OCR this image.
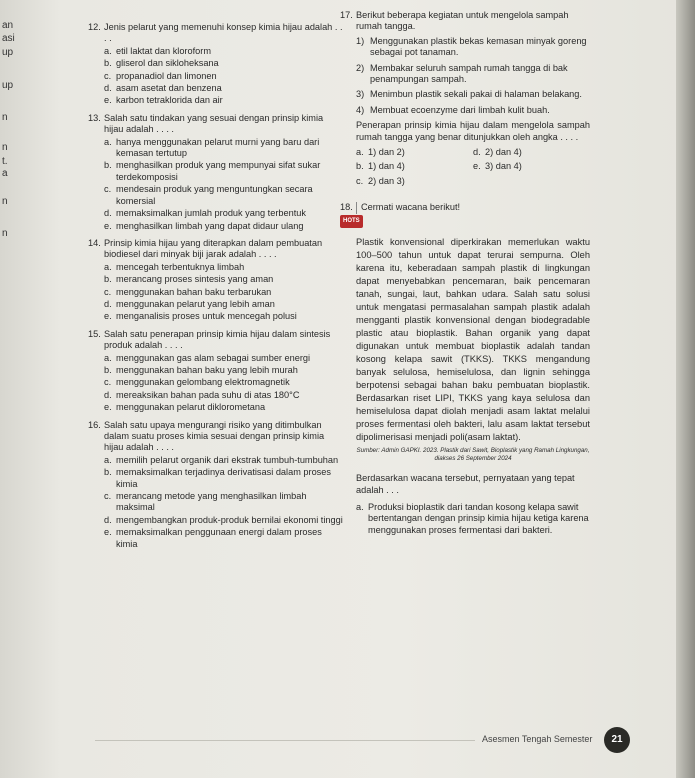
an
asi
up
up
n
n
t.
a
n
n
12. Jenis pelarut yang memenuhi konsep kimia hijau adalah . . . .
a. etil laktat dan kloroform
b. gliserol dan sikloheksana
c. propanadiol dan limonen
d. asam asetat dan benzena
e. karbon tetraklorida dan air
13. Salah satu tindakan yang sesuai dengan prinsip kimia hijau adalah . . . .
a. hanya menggunakan pelarut murni yang baru dari kemasan tertutup
b. menghasilkan produk yang mempunyai sifat sukar terdekomposisi
c. mendesain produk yang menguntungkan secara komersial
d. memaksimalkan jumlah produk yang terbentuk
e. menghasilkan limbah yang dapat didaur ulang
14. Prinsip kimia hijau yang diterapkan dalam pembuatan biodiesel dari minyak biji jarak adalah . . . .
a. mencegah terbentuknya limbah
b. merancang proses sintesis yang aman
c. menggunakan bahan baku terbarukan
d. menggunakan pelarut yang lebih aman
e. menganalisis proses untuk mencegah polusi
15. Salah satu penerapan prinsip kimia hijau dalam sintesis produk adalah . . . .
a. menggunakan gas alam sebagai sumber energi
b. menggunakan bahan baku yang lebih murah
c. menggunakan gelombang elektromagnetik
d. mereaksikan bahan pada suhu di atas 180°C
e. menggunakan pelarut diklorometana
16. Salah satu upaya mengurangi risiko yang ditimbulkan dalam suatu proses kimia sesuai dengan prinsip kimia hijau adalah . . . .
a. memilih pelarut organik dari ekstrak tumbuh-tumbuhan
b. memaksimalkan terjadinya derivatisasi dalam proses kimia
c. merancang metode yang menghasilkan limbah maksimal
d. mengembangkan produk-produk bernilai ekonomi tinggi
e. memaksimalkan penggunaan energi dalam proses kimia
17. Berikut beberapa kegiatan untuk mengelola sampah rumah tangga.
1) Menggunakan plastik bekas kemasan minyak goreng sebagai pot tanaman.
2) Membakar seluruh sampah rumah tangga di bak penampungan sampah.
3) Menimbun plastik sekali pakai di halaman belakang.
4) Membuat ecoenzyme dari limbah kulit buah.
Penerapan prinsip kimia hijau dalam mengelola sampah rumah tangga yang benar ditunjukkan oleh angka . . . .
a. 1) dan 2)	d. 2) dan 4)
b. 1) dan 4)	e. 3) dan 4)
c. 2) dan 3)
18. Cermati wacana berikut!
HOTS
Plastik konvensional diperkirakan memerlukan waktu 100–500 tahun untuk dapat terurai sempurna. Oleh karena itu, keberadaan sampah plastik di lingkungan dapat menyebabkan pencemaran, baik pencemaran tanah, sungai, laut, bahkan udara. Salah satu solusi untuk mengatasi permasalahan sampah plastik adalah mengganti plastik konvensional dengan biodegradable plastic atau bioplastik. Bahan organik yang dapat digunakan untuk membuat bioplastik adalah tandan kosong kelapa sawit (TKKS). TKKS mengandung banyak selulosa, hemiselulosa, dan lignin sehingga berpotensi sebagai bahan baku pembuatan bioplastik. Berdasarkan riset LIPI, TKKS yang kaya selulosa dan hemiselulosa dapat diolah menjadi asam laktat melalui proses fermentasi oleh bakteri, lalu asam laktat tersebut dipolimerisasi menjadi poli(asam laktat).
Sumber: Admin GAPKI. 2023. Plastik dari Sawit, Bioplastik yang Ramah Lingkungan, diakses 26 September 2024
Berdasarkan wacana tersebut, pernyataan yang tepat adalah . . .
a. Produksi bioplastik dari tandan kosong kelapa sawit bertentangan dengan prinsip kimia hijau ketiga karena menggunakan proses fermentasi dari bakteri.
Asesmen Tengah Semester	21
